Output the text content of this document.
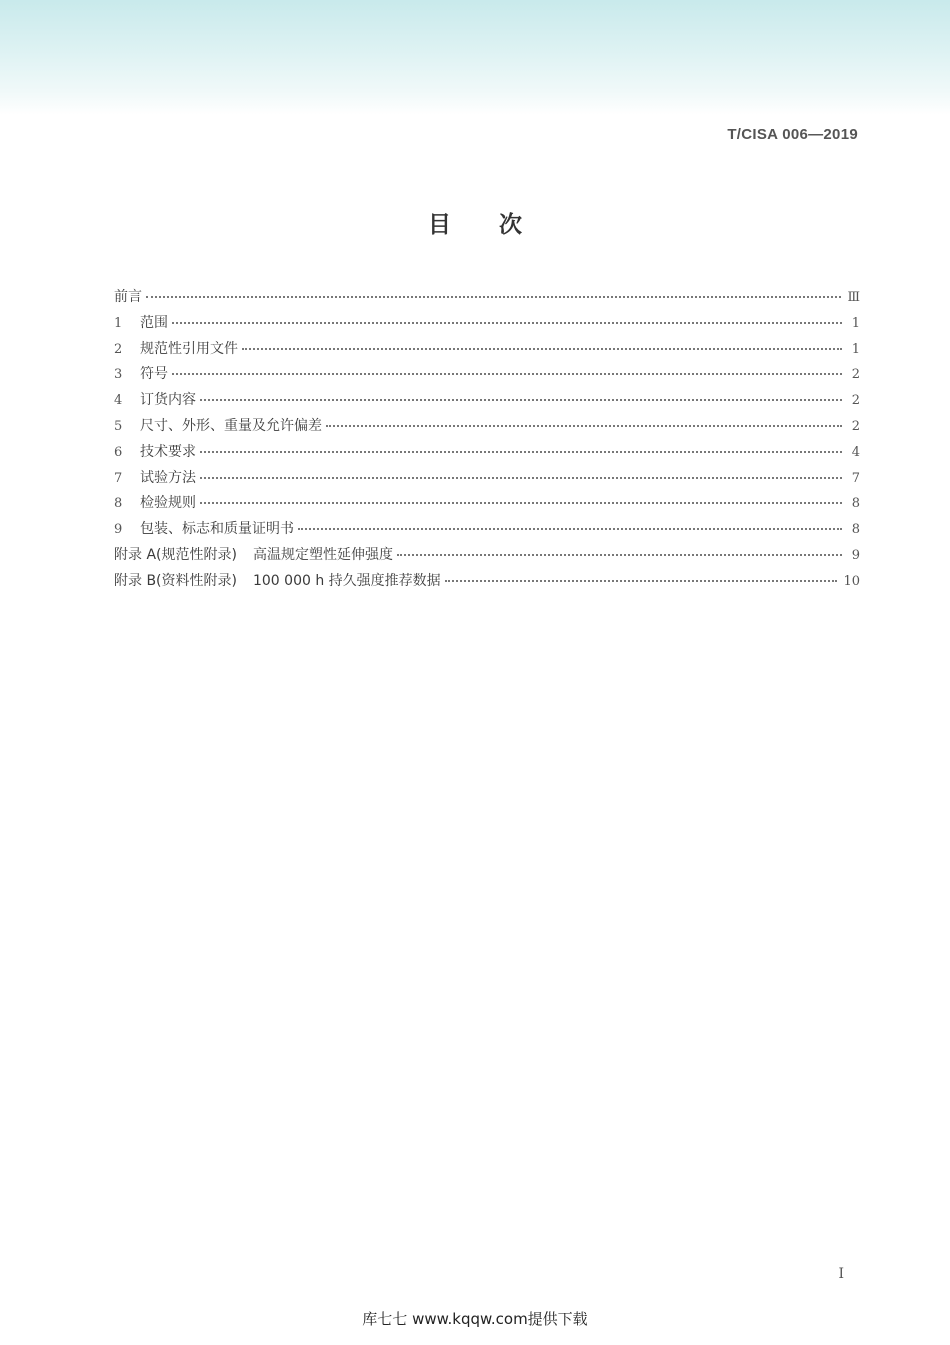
T/CISA 006—2019
目次
前言	Ⅲ
1	范围	1
2	规范性引用文件	1
3	符号	2
4	订货内容	2
5	尺寸、外形、重量及允许偏差	2
6	技术要求	4
7	试验方法	7
8	检验规则	8
9	包装、标志和质量证明书	8
附录 A(规范性附录) 高温规定塑性延伸强度	9
附录 B(资料性附录) 100 000 h 持久强度推荐数据	10
I
库七七 www.kqqw.com提供下载
